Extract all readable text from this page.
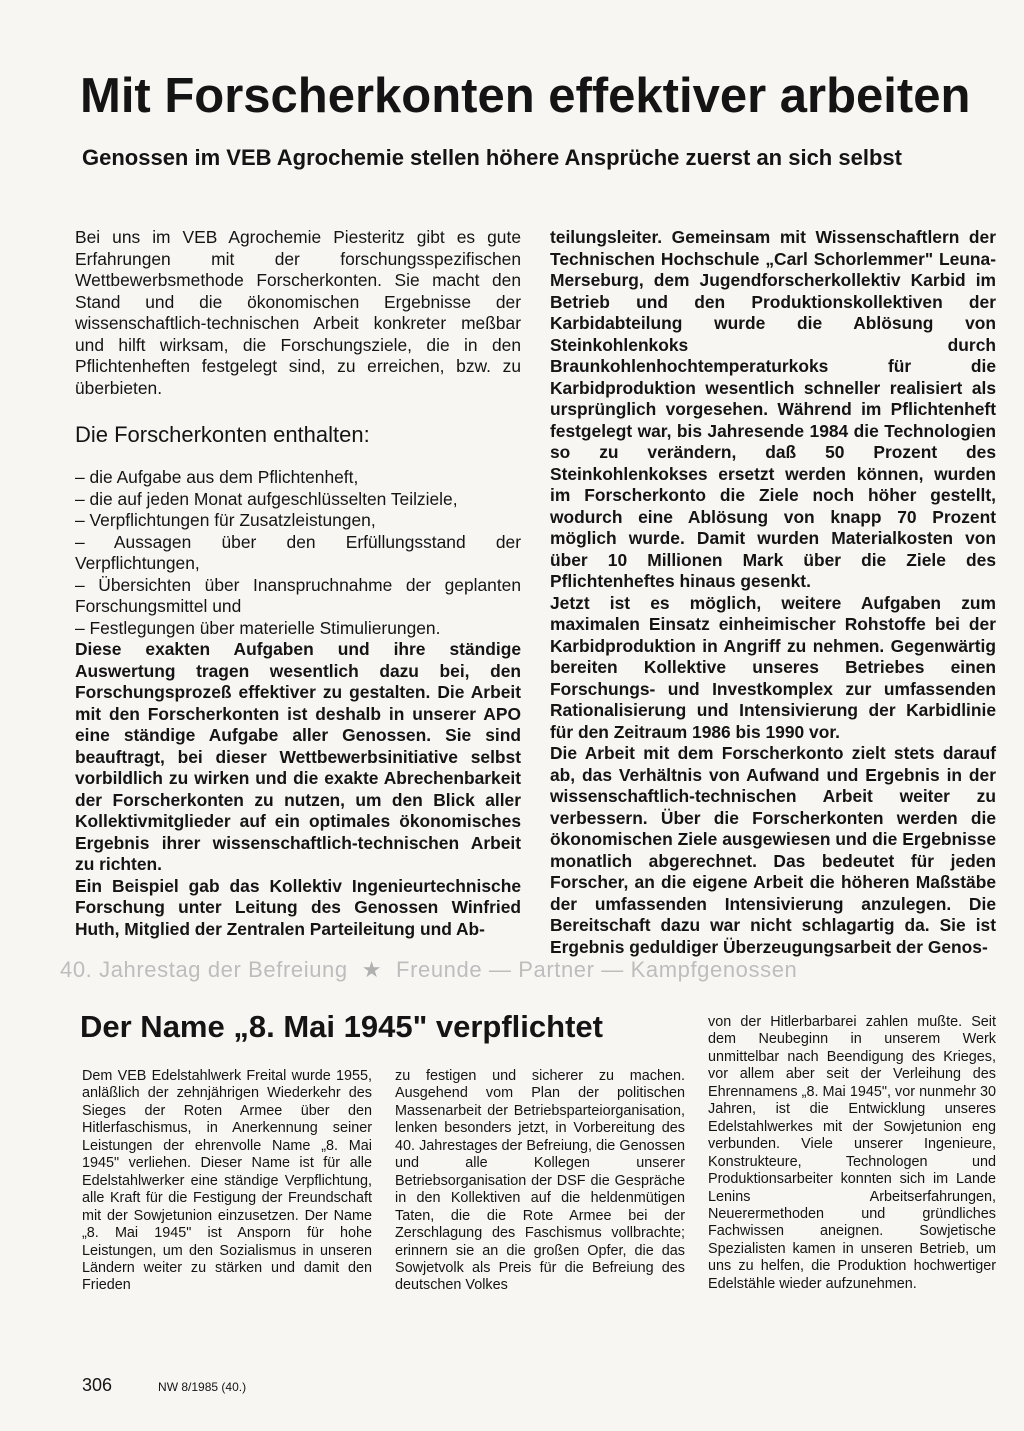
Mit Forscherkonten effektiver arbeiten
Genossen im VEB Agrochemie stellen höhere Ansprüche zuerst an sich selbst

Bei uns im VEB Agrochemie Piesteritz gibt es gute Erfahrungen mit der forschungsspezifischen Wettbewerbsmethode Forscherkonten. Sie macht den Stand und die ökonomischen Ergebnisse der wissenschaftlich-technischen Arbeit konkreter meßbar und hilft wirksam, die Forschungsziele, die in den Pflichtenheften festgelegt sind, zu erreichen, bzw. zu überbieten.

Die Forscherkonten enthalten:

– die Aufgabe aus dem Pflichtenheft,
– die auf jeden Monat aufgeschlüsselten Teilziele,
– Verpflichtungen für Zusatzleistungen,
– Aussagen über den Erfüllungsstand der Verpflichtungen,
– Übersichten über Inanspruchnahme der geplanten Forschungsmittel und
– Festlegungen über materielle Stimulierungen.

Diese exakten Aufgaben und ihre ständige Auswertung tragen wesentlich dazu bei, den Forschungsprozeß effektiver zu gestalten. Die Arbeit mit den Forscherkonten ist deshalb in unserer APO eine ständige Aufgabe aller Genossen. Sie sind beauftragt, bei dieser Wettbewerbsinitiative selbst vorbildlich zu wirken und die exakte Abrechenbarkeit der Forscherkonten zu nutzen, um den Blick aller Kollektivmitglieder auf ein optimales ökonomisches Ergebnis ihrer wissenschaftlich-technischen Arbeit zu richten.

Ein Beispiel gab das Kollektiv Ingenieurtechnische Forschung unter Leitung des Genossen Winfried Huth, Mitglied der Zentralen Parteileitung und Ab-

teilungsleiter. Gemeinsam mit Wissenschaftlern der Technischen Hochschule „Carl Schorlemmer" Leuna-Merseburg, dem Jugendforscherkollektiv Karbid im Betrieb und den Produktionskollektiven der Karbidabteilung wurde die Ablösung von Steinkohlenkoks durch Braunkohlenhochtemperaturkoks für die Karbidproduktion wesentlich schneller realisiert als ursprünglich vorgesehen. Während im Pflichtenheft festgelegt war, bis Jahresende 1984 die Technologien so zu verändern, daß 50 Prozent des Steinkohlenkokses ersetzt werden können, wurden im Forscherkonto die Ziele noch höher gestellt, wodurch eine Ablösung von knapp 70 Prozent möglich wurde. Damit wurden Materialkosten von über 10 Millionen Mark über die Ziele des Pflichtenheftes hinaus gesenkt.

Jetzt ist es möglich, weitere Aufgaben zum maximalen Einsatz einheimischer Rohstoffe bei der Karbidproduktion in Angriff zu nehmen. Gegenwärtig bereiten Kollektive unseres Betriebes einen Forschungs- und Investkomplex zur umfassenden Rationalisierung und Intensivierung der Karbidlinie für den Zeitraum 1986 bis 1990 vor.

Die Arbeit mit dem Forscherkonto zielt stets darauf ab, das Verhältnis von Aufwand und Ergebnis in der wissenschaftlich-technischen Arbeit weiter zu verbessern. Über die Forscherkonten werden die ökonomischen Ziele ausgewiesen und die Ergebnisse monatlich abgerechnet. Das bedeutet für jeden Forscher, an die eigene Arbeit die höheren Maßstäbe der umfassenden Intensivierung anzulegen. Die Bereitschaft dazu war nicht schlagartig da. Sie ist Ergebnis geduldiger Überzeugungsarbeit der Genos-

40. Jahrestag der Befreiung ★ Freunde — Partner — Kampfgenossen
Der Name „8. Mai 1945" verpflichtet

Dem VEB Edelstahlwerk Freital wurde 1955, anläßlich der zehnjährigen Wiederkehr des Sieges der Roten Armee über den Hitlerfaschismus, in Anerkennung seiner Leistungen der ehrenvolle Name „8. Mai 1945" verliehen. Dieser Name ist für alle Edelstahlwerker eine ständige Verpflichtung, alle Kraft für die Festigung der Freundschaft mit der Sowjetunion einzusetzen. Der Name „8. Mai 1945" ist Ansporn für hohe Leistungen, um den Sozialismus in unseren Ländern weiter zu stärken und damit den Frieden

zu festigen und sicherer zu machen. Ausgehend vom Plan der politischen Massenarbeit der Betriebsparteiorganisation, lenken besonders jetzt, in Vorbereitung des 40. Jahrestages der Befreiung, die Genossen und alle Kollegen unserer Betriebsorganisation der DSF die Gespräche in den Kollektiven auf die heldenmütigen Taten, die die Rote Armee bei der Zerschlagung des Faschismus vollbrachte; erinnern sie an die großen Opfer, die das Sowjetvolk als Preis für die Befreiung des deutschen Volkes

von der Hitlerbarbarei zahlen mußte. Seit dem Neubeginn in unserem Werk unmittelbar nach Beendigung des Krieges, vor allem aber seit der Verleihung des Ehrennamens „8. Mai 1945", vor nunmehr 30 Jahren, ist die Entwicklung unseres Edelstahlwerkes mit der Sowjetunion eng verbunden. Viele unserer Ingenieure, Konstrukteure, Technologen und Produktionsarbeiter konnten sich im Lande Lenins Arbeitserfahrungen, Neuerermethoden und gründliches Fachwissen aneignen. Sowjetische Spezialisten kamen in unseren Betrieb, um uns zu helfen, die Produktion hochwertiger Edelstähle wieder aufzunehmen.

306	NW 8/1985 (40.)
